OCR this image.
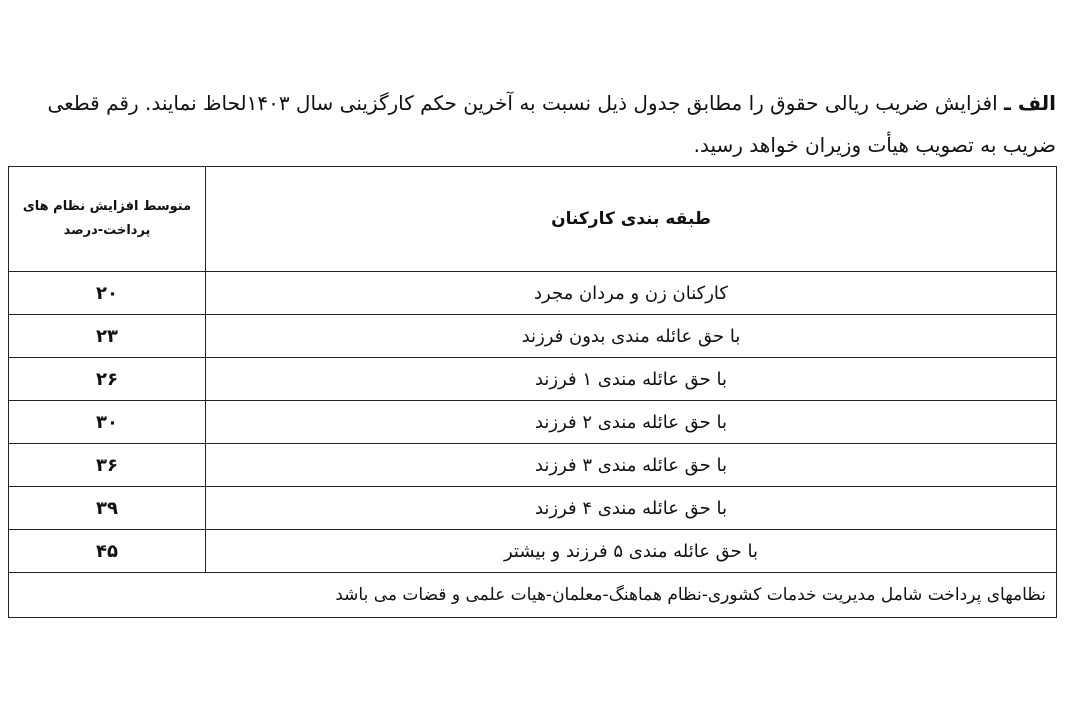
الف ـ افزایش ضریب ریالی حقوق را مطابق جدول ذیل نسبت به آخرین حکم کارگزینی سال ۱۴۰۳لحاظ نمایند. رقم قطعی ضریب به تصویب هیأت وزیران خواهد رسید.

طبقه بندی کارکنان	متوسط افزایش نظام های پرداخت-درصد
کارکنان زن و مردان مجرد	۲۰
با حق عائله مندی بدون فرزند	۲۳
با حق عائله مندی ۱ فرزند	۲۶
با حق عائله مندی ۲ فرزند	۳۰
با حق عائله مندی ۳ فرزند	۳۶
با حق عائله مندی ۴ فرزند	۳۹
با حق عائله مندی ۵ فرزند و بیشتر	۴۵
نظامهای پرداخت شامل مدیریت خدمات کشوری-نظام هماهنگ-معلمان-هیات علمی و قضات می باشد	
